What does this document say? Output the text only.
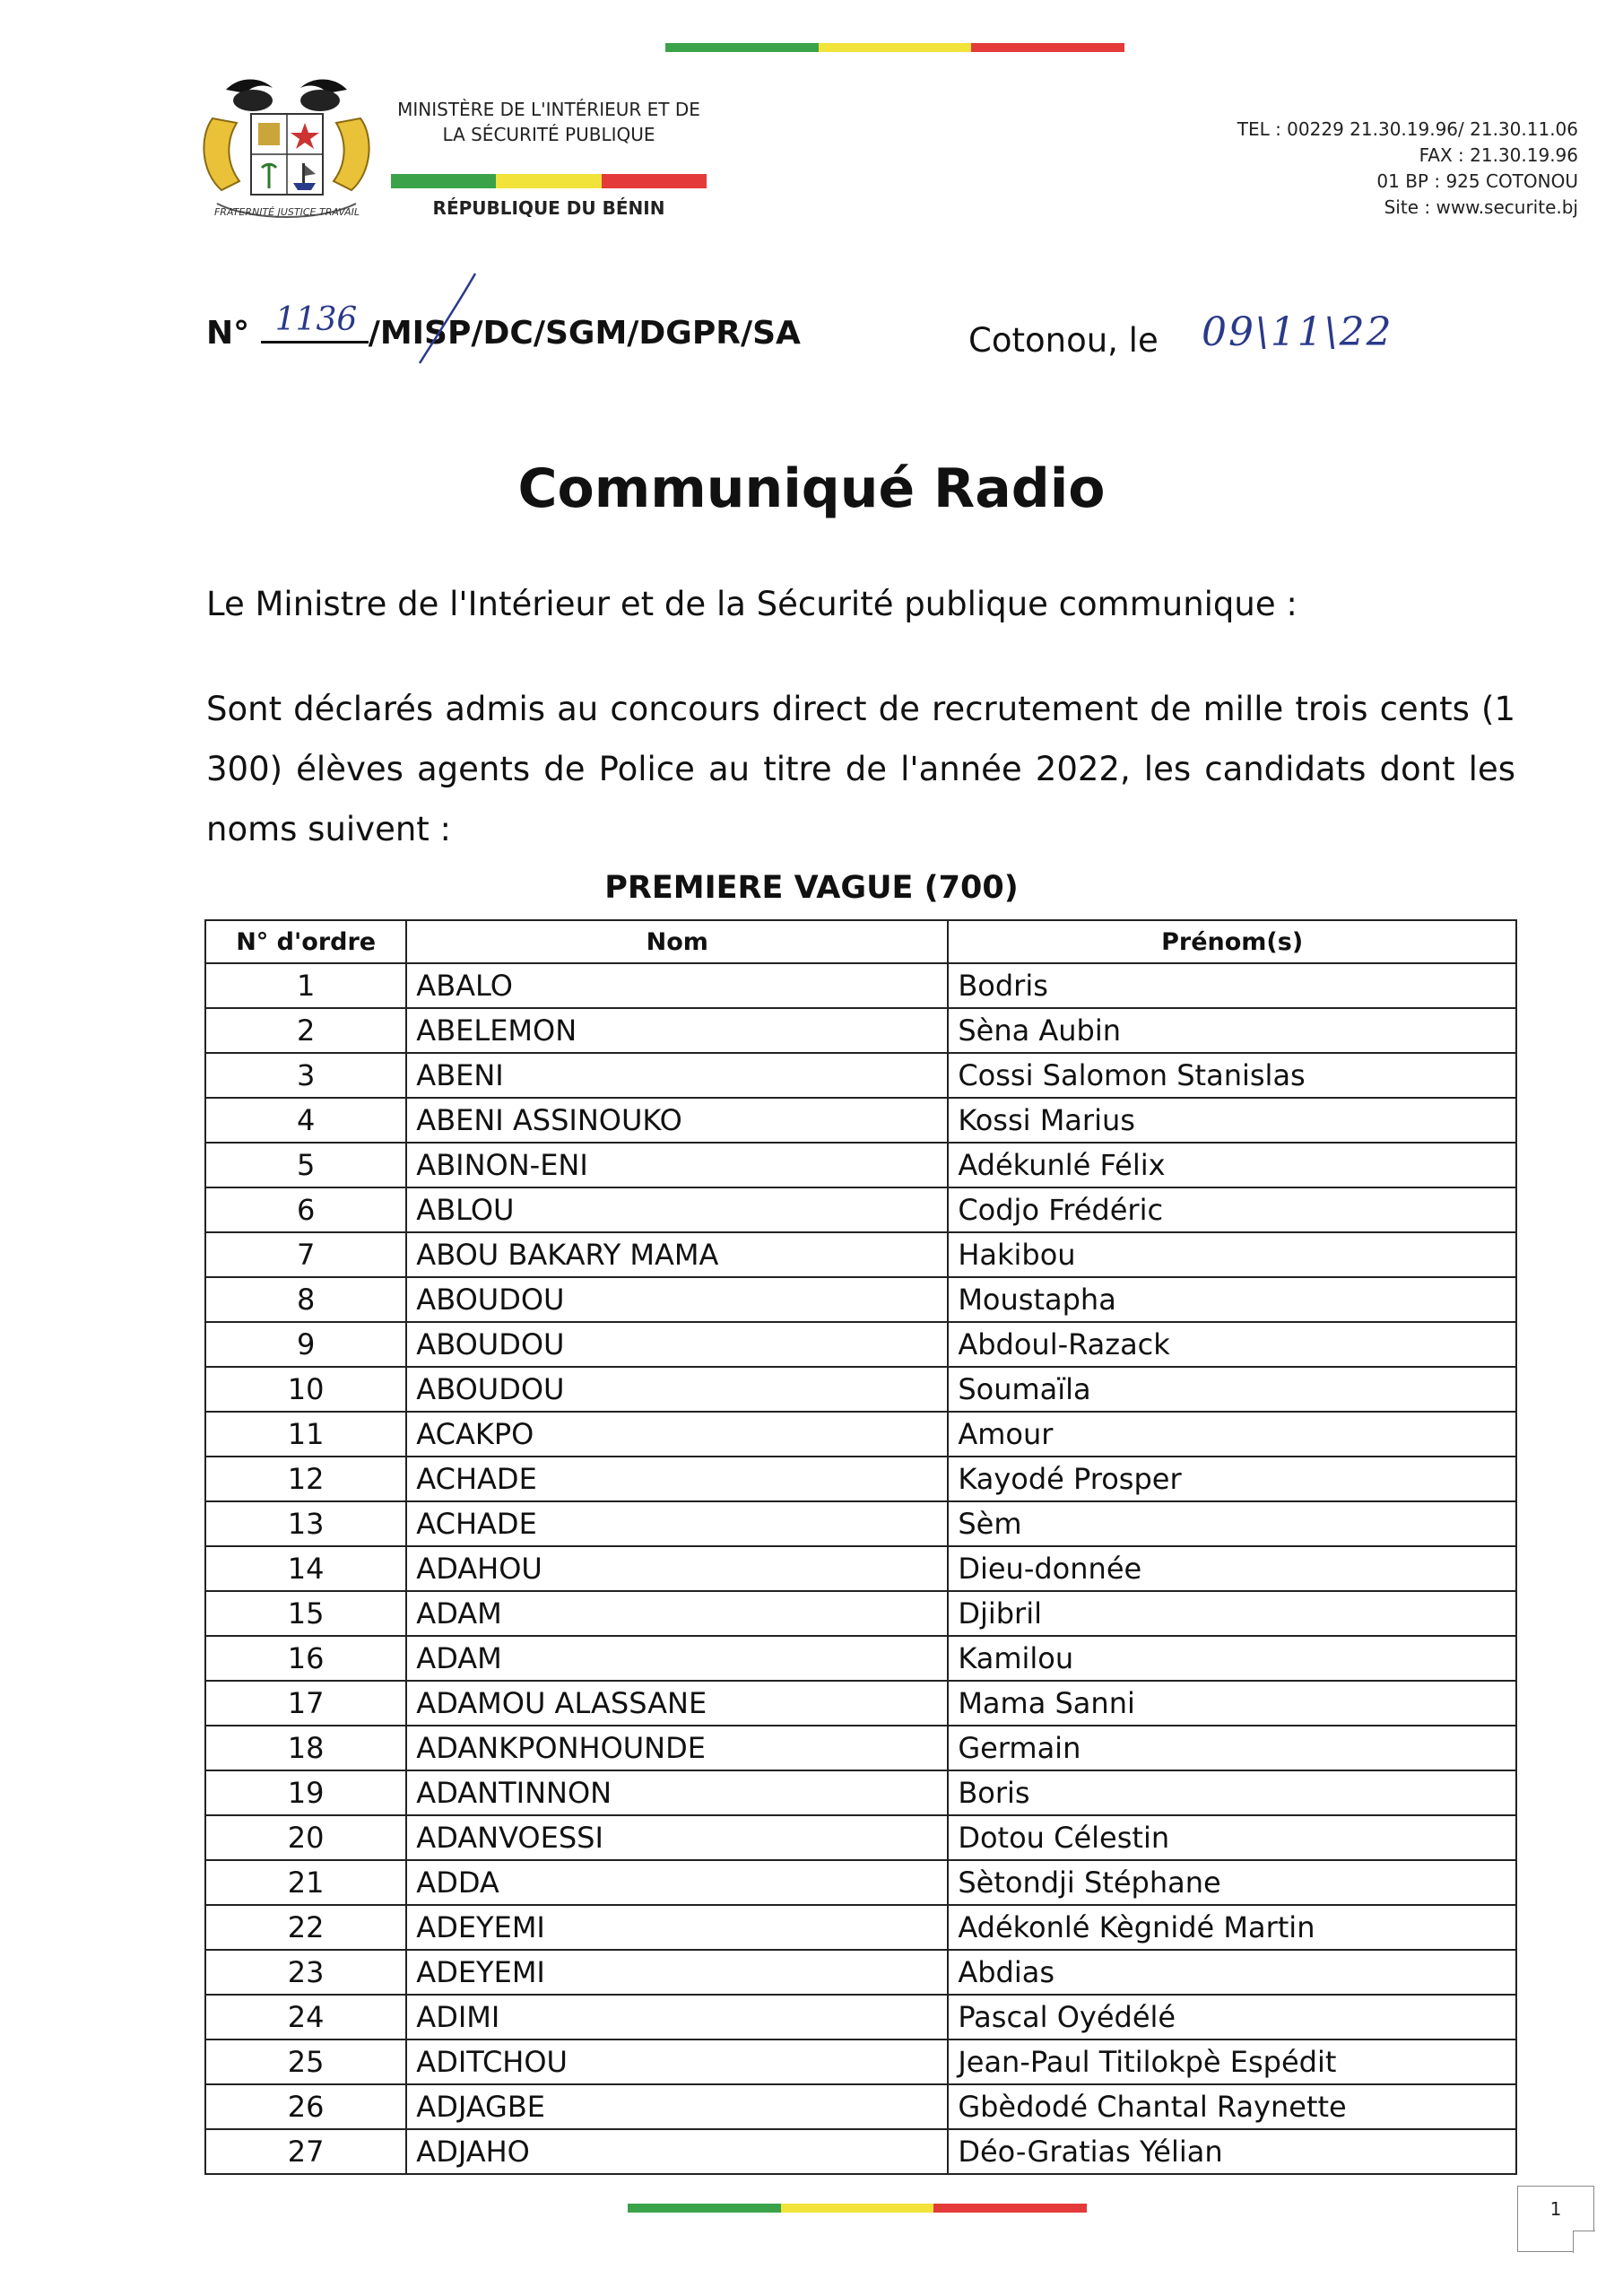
FRATERNITÉ JUSTICE TRAVAIL
MINISTÈRE DE L'INTÉRIEUR ET DE
LA SÉCURITÉ PUBLIQUE
RÉPUBLIQUE DU BÉNIN
TEL : 00229 21.30.19.96/ 21.30.11.06
FAX : 21.30.19.96
01 BP : 925 COTONOU
Site : www.securite.bj
N° 1136 /MISP/DC/SGM/DGPR/SA	Cotonou, le 09\11\22
Communiqué Radio
Le Ministre de l'Intérieur et de la Sécurité publique communique :
Sont déclarés admis au concours direct de recrutement de mille trois cents (1 300) élèves agents de Police au titre de l'année 2022, les candidats dont les noms suivent :
PREMIERE VAGUE (700)
N° d'ordre	Nom	Prénom(s)
1	ABALO	Bodris
2	ABELEMON	Sèna Aubin
3	ABENI	Cossi Salomon Stanislas
4	ABENI ASSINOUKO	Kossi Marius
5	ABINON-ENI	Adékunlé Félix
6	ABLOU	Codjo Frédéric
7	ABOU BAKARY MAMA	Hakibou
8	ABOUDOU	Moustapha
9	ABOUDOU	Abdoul-Razack
10	ABOUDOU	Soumaïla
11	ACAKPO	Amour
12	ACHADE	Kayodé Prosper
13	ACHADE	Sèm
14	ADAHOU	Dieu-donnée
15	ADAM	Djibril
16	ADAM	Kamilou
17	ADAMOU ALASSANE	Mama Sanni
18	ADANKPONHOUNDE	Germain
19	ADANTINNON	Boris
20	ADANVOESSI	Dotou Célestin
21	ADDA	Sètondji Stéphane
22	ADEYEMI	Adékonlé Kègnidé Martin
23	ADEYEMI	Abdias
24	ADIMI	Pascal Oyédélé
25	ADITCHOU	Jean-Paul Titilokpè Espédit
26	ADJAGBE	Gbèdodé Chantal Raynette
27	ADJAHO	Déo-Gratias Yélian
1
